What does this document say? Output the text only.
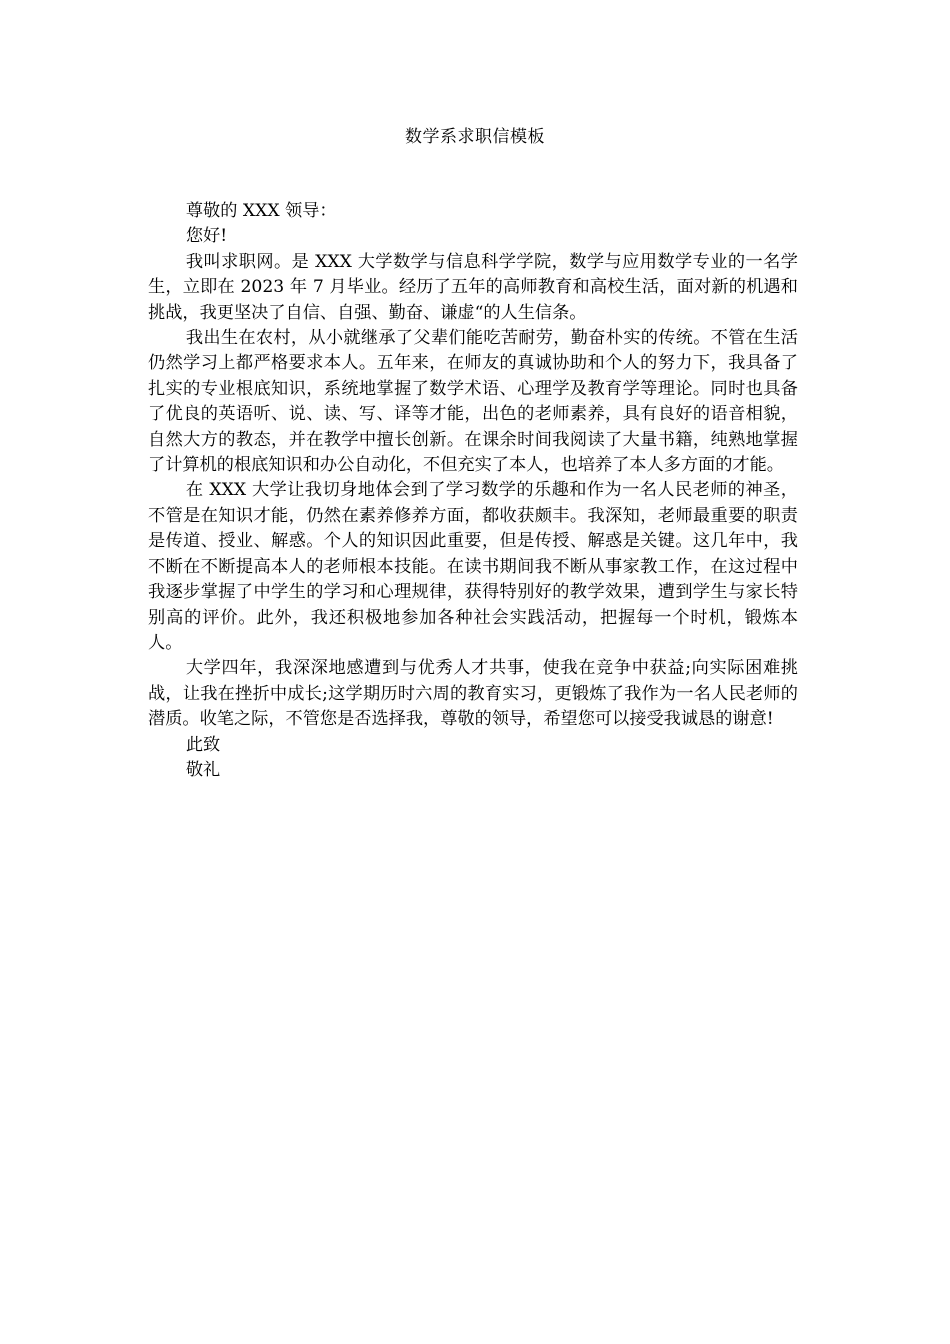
数学系求职信模板

尊敬的 XXX 领导：

您好!

我叫求职网。是 XXX 大学数学与信息科学学院，数学与应用数学专业的一名学生，立即在 2023 年 7 月毕业。经历了五年的高师教育和高校生活，面对新的机遇和挑战，我更坚决了自信、自强、勤奋、谦虚“的人生信条。

我出生在农村，从小就继承了父辈们能吃苦耐劳，勤奋朴实的传统。不管在生活仍然学习上都严格要求本人。五年来，在师友的真诚协助和个人的努力下，我具备了扎实的专业根底知识，系统地掌握了数学术语、心理学及教育学等理论。同时也具备了优良的英语听、说、读、写、译等才能，出色的老师素养，具有良好的语音相貌，自然大方的教态，并在教学中擅长创新。在课余时间我阅读了大量书籍，纯熟地掌握了计算机的根底知识和办公自动化，不但充实了本人，也培养了本人多方面的才能。

在 XXX 大学让我切身地体会到了学习数学的乐趣和作为一名人民老师的神圣，不管是在知识才能，仍然在素养修养方面，都收获颇丰。我深知，老师最重要的职责是传道、授业、解惑。个人的知识因此重要，但是传授、解惑是关键。这几年中，我不断在不断提高本人的老师根本技能。在读书期间我不断从事家教工作，在这过程中我逐步掌握了中学生的学习和心理规律，获得特别好的教学效果，遭到学生与家长特别高的评价。此外，我还积极地参加各种社会实践活动，把握每一个时机，锻炼本人。

大学四年，我深深地感遭到与优秀人才共事，使我在竞争中获益;向实际困难挑战，让我在挫折中成长;这学期历时六周的教育实习，更锻炼了我作为一名人民老师的潜质。收笔之际，不管您是否选择我，尊敬的领导，希望您可以接受我诚恳的谢意!

此致

敬礼
